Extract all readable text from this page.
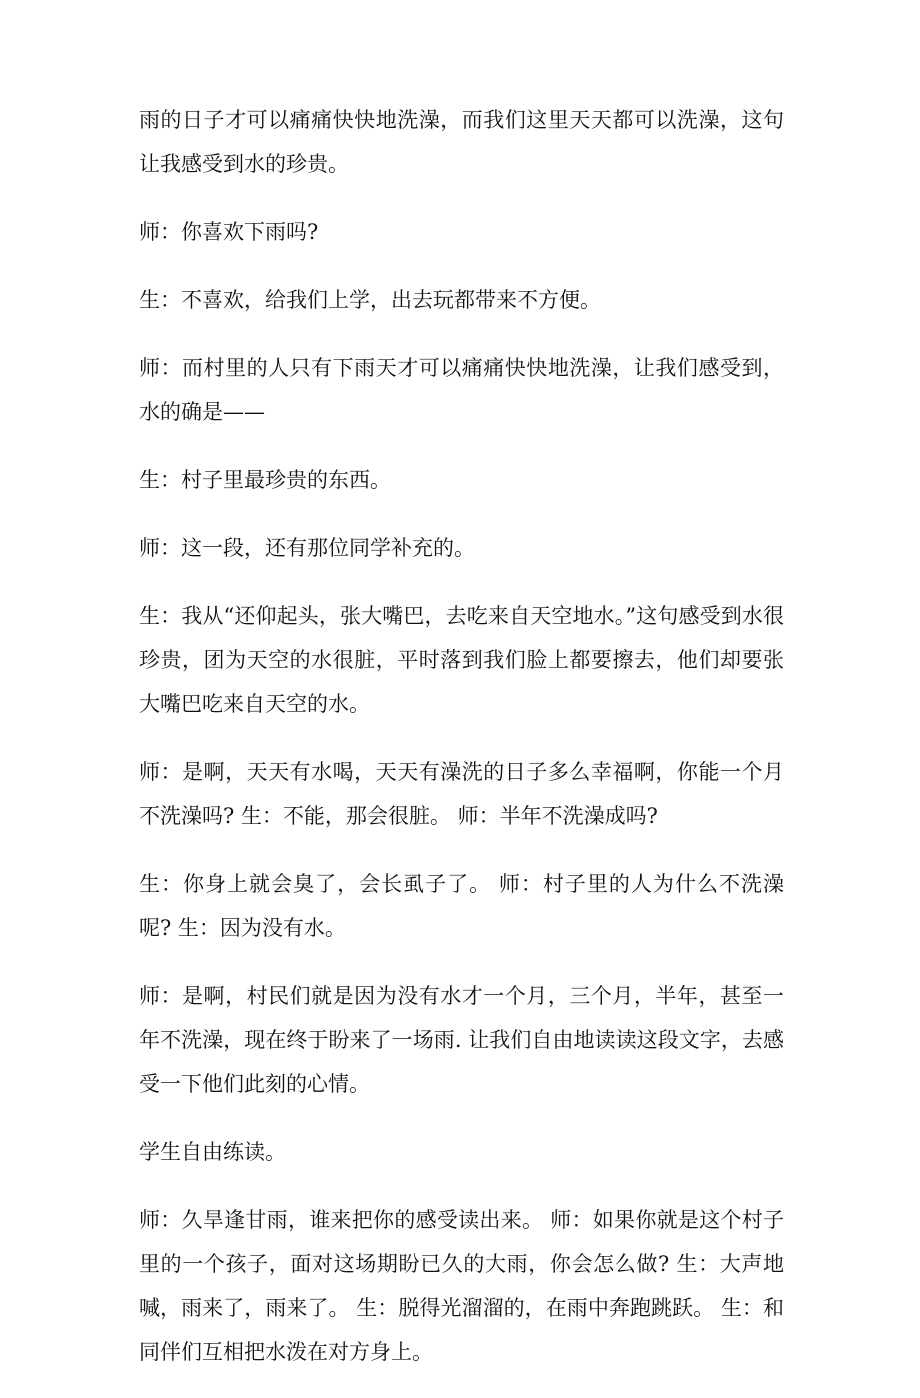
雨的日子才可以痛痛快快地洗澡，而我们这里天天都可以洗澡，这句让我感受到水的珍贵。

师：你喜欢下雨吗?

生：不喜欢，给我们上学，出去玩都带来不方便。

师：而村里的人只有下雨天才可以痛痛快快地洗澡，让我们感受到，水的确是——

生：村子里最珍贵的东西。

师：这一段，还有那位同学补充的。

生：我从“还仰起头，张大嘴巴，去吃来自天空地水。”这句感受到水很珍贵，团为天空的水很脏，平时落到我们脸上都要擦去，他们却要张大嘴巴吃来自天空的水。

师：是啊，天天有水喝，天天有澡洗的日子多么幸福啊，你能一个月不洗澡吗? 生：不能，那会很脏。 师：半年不洗澡成吗?

生：你身上就会臭了，会长虱子了。 师：村子里的人为什么不洗澡呢? 生：因为没有水。

师：是啊，村民们就是因为没有水才一个月，三个月，半年，甚至一年不洗澡，现在终于盼来了一场雨. 让我们自由地读读这段文字，去感受一下他们此刻的心情。

学生自由练读。

师：久旱逢甘雨，谁来把你的感受读出来。 师：如果你就是这个村子里的一个孩子，面对这场期盼已久的大雨，你会怎么做? 生：大声地喊，雨来了，雨来了。 生：脱得光溜溜的，在雨中奔跑跳跃。 生：和同伴们互相把水泼在对方身上。
